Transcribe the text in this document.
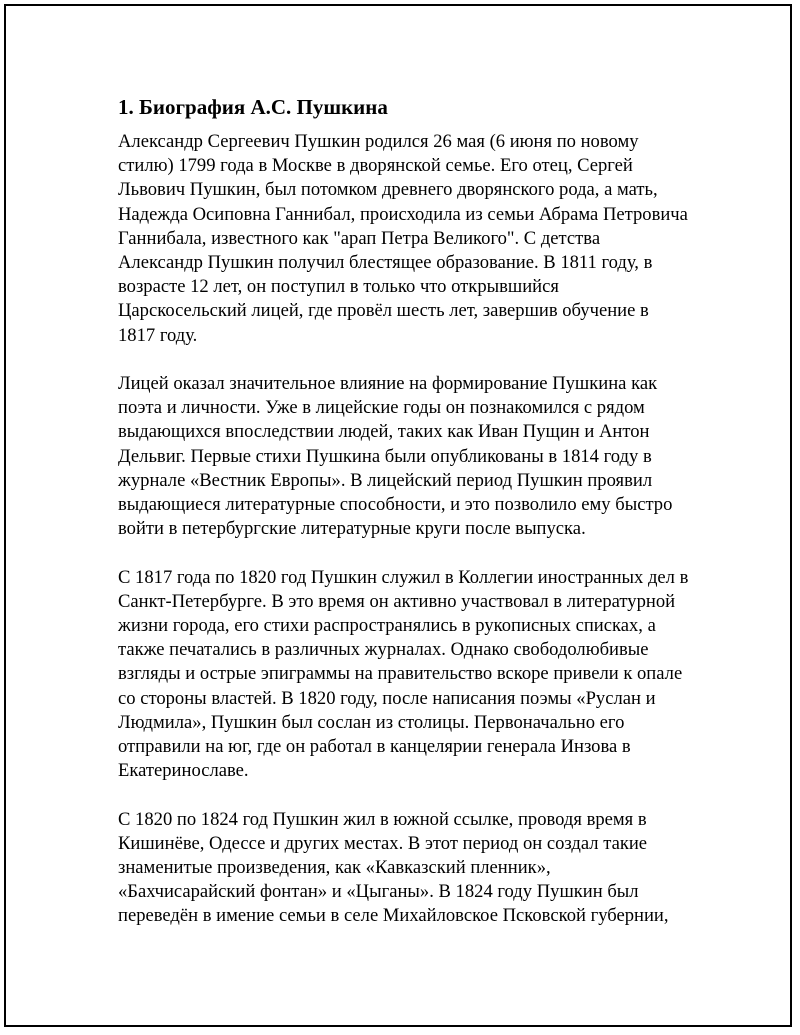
1. Биография А.С. Пушкина

Александр Сергеевич Пушкин родился 26 мая (6 июня по новому
стилю) 1799 года в Москве в дворянской семье. Его отец, Сергей
Львович Пушкин, был потомком древнего дворянского рода, а мать,
Надежда Осиповна Ганнибал, происходила из семьи Абрама Петровича
Ганнибала, известного как "арап Петра Великого". С детства
Александр Пушкин получил блестящее образование. В 1811 году, в
возрасте 12 лет, он поступил в только что открывшийся
Царскосельский лицей, где провёл шесть лет, завершив обучение в
1817 году.

Лицей оказал значительное влияние на формирование Пушкина как
поэта и личности. Уже в лицейские годы он познакомился с рядом
выдающихся впоследствии людей, таких как Иван Пущин и Антон
Дельвиг. Первые стихи Пушкина были опубликованы в 1814 году в
журнале «Вестник Европы». В лицейский период Пушкин проявил
выдающиеся литературные способности, и это позволило ему быстро
войти в петербургские литературные круги после выпуска.

С 1817 года по 1820 год Пушкин служил в Коллегии иностранных дел в
Санкт-Петербурге. В это время он активно участвовал в литературной
жизни города, его стихи распространялись в рукописных списках, а
также печатались в различных журналах. Однако свободолюбивые
взгляды и острые эпиграммы на правительство вскоре привели к опале
со стороны властей. В 1820 году, после написания поэмы «Руслан и
Людмила», Пушкин был сослан из столицы. Первоначально его
отправили на юг, где он работал в канцелярии генерала Инзова в
Екатеринославе.

С 1820 по 1824 год Пушкин жил в южной ссылке, проводя время в
Кишинёве, Одессе и других местах. В этот период он создал такие
знаменитые произведения, как «Кавказский пленник»,
«Бахчисарайский фонтан» и «Цыганы». В 1824 году Пушкин был
переведён в имение семьи в селе Михайловское Псковской губернии,
